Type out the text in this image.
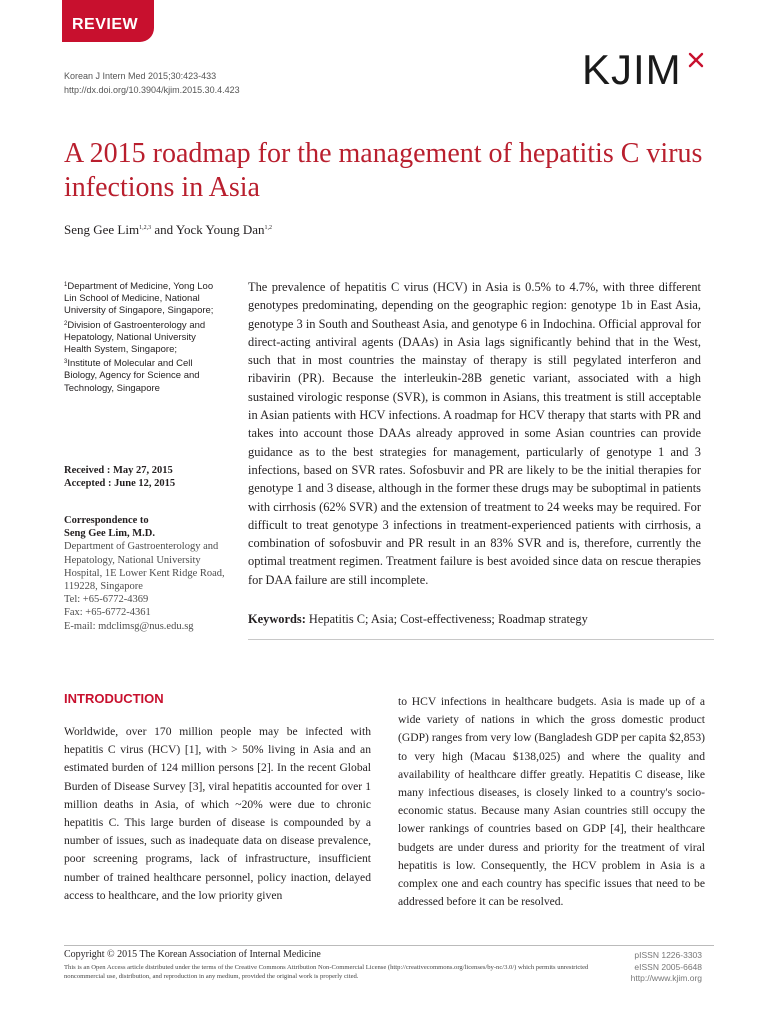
REVIEW
Korean J Intern Med 2015;30:423-433
http://dx.doi.org/10.3904/kjim.2015.30.4.423	KJIM
A 2015 roadmap for the management of hepatitis C virus infections in Asia
Seng Gee Lim$^{1,2,3}$ and Yock Young Dan$^{1,2}$
$^1$Department of Medicine, Yong Loo Lin School of Medicine, National University of Singapore, Singapore; $^2$Division of Gastroenterology and Hepatology, National University Health System, Singapore;
$^3$Institute of Molecular and Cell Biology, Agency for Science and Technology, Singapore
Received : May 27, 2015
Accepted : June 12, 2015
Correspondence to
Seng Gee Lim, M.D.
Department of Gastroenterology and Hepatology, National University Hospital, 1E Lower Kent Ridge Road, 119228, Singapore
Tel: +65-6772-4369
Fax: +65-6772-4361
E-mail: mdclimsg@nus.edu.sg
The prevalence of hepatitis C virus (HCV) in Asia is 0.5% to 4.7%, with three different genotypes predominating, depending on the geographic region: genotype 1b in East Asia, genotype 3 in South and Southeast Asia, and genotype 6 in Indochina. Official approval for direct-acting antiviral agents (DAAs) in Asia lags significantly behind that in the West, such that in most countries the mainstay of therapy is still pegylated interferon and ribavirin (PR). Because the interleukin-28B genetic variant, associated with a high sustained virologic response (SVR), is common in Asians, this treatment is still acceptable in Asian patients with HCV infections. A roadmap for HCV therapy that starts with PR and takes into account those DAAs already approved in some Asian countries can provide guidance as to the best strategies for management, particularly of genotype 1 and 3 infections, based on SVR rates. Sofosbuvir and PR are likely to be the initial therapies for genotype 1 and 3 disease, although in the former these drugs may be suboptimal in patients with cirrhosis (62% SVR) and the extension of treatment to 24 weeks may be required. For difficult to treat genotype 3 infections in treatment-experienced patients with cirrhosis, a combination of sofosbuvir and PR result in an 83% SVR and is, therefore, currently the optimal treatment regimen. Treatment failure is best avoided since data on rescue therapies for DAA failure are still incomplete.
Keywords: Hepatitis C; Asia; Cost-effectiveness; Roadmap strategy
INTRODUCTION
Worldwide, over 170 million people may be infected with hepatitis C virus (HCV) [1], with > 50% living in Asia and an estimated burden of 124 million persons [2]. In the recent Global Burden of Disease Survey [3], viral hepatitis accounted for over 1 million deaths in Asia, of which ~20% were due to chronic hepatitis C. This large burden of disease is compounded by a number of issues, such as inadequate data on disease prevalence, poor screening programs, lack of infrastructure, insufficient number of trained healthcare personnel, policy inaction, delayed access to healthcare, and the low priority given
to HCV infections in healthcare budgets. Asia is made up of a wide variety of nations in which the gross domestic product (GDP) ranges from very low (Bangladesh GDP per capita $2,853) to very high (Macau $138,025) and where the quality and availability of healthcare differ greatly. Hepatitis C disease, like many infectious diseases, is closely linked to a country's socio-economic status. Because many Asian countries still occupy the lower rankings of countries based on GDP [4], their healthcare budgets are under duress and priority for the treatment of viral hepatitis is low. Consequently, the HCV problem in Asia is a complex one and each country has specific issues that need to be addressed before it can be resolved.
Copyright © 2015 The Korean Association of Internal Medicine
This is an Open Access article distributed under the terms of the Creative Commons Attribution Non-Commercial License (http://creativecommons.org/licenses/by-nc/3.0/) which permits unrestricted noncommercial use, distribution, and reproduction in any medium, provided the original work is properly cited.
pISSN 1226-3303
eISSN 2005-6648
http://www.kjim.org
